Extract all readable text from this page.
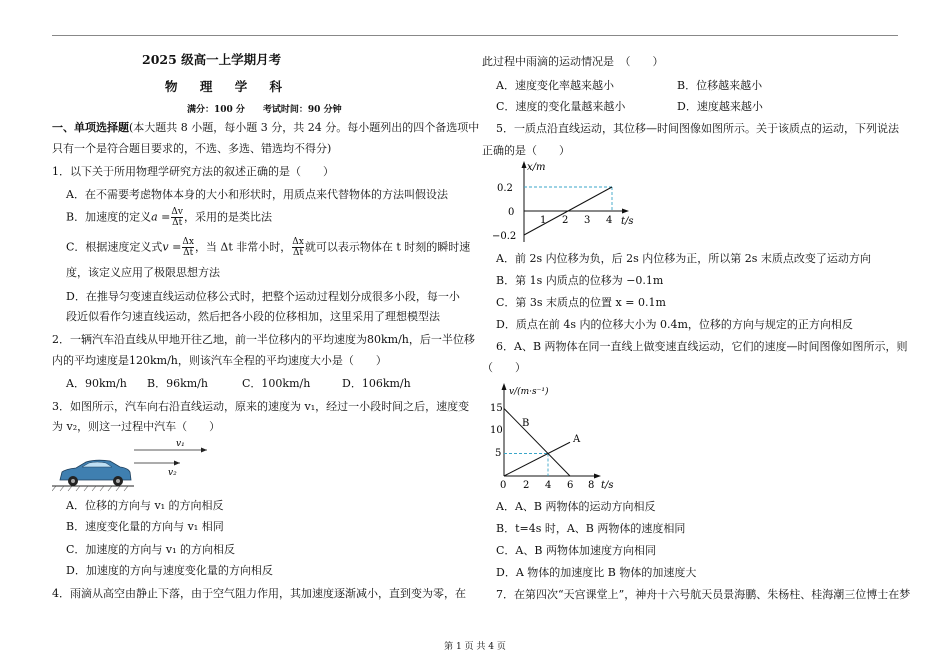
2025 级高一上学期月考
物 理 学 科
满分：100 分　　考试时间：90 分钟
一、单项选择题(本大题共 8 小题，每小题 3 分，共 24 分。每小题列出的四个备选项中
只有一个是符合题目要求的，不选、多选、错选均不得分)
1．以下关于所用物理学研究方法的叙述正确的是（　　）
A．在不需要考虑物体本身的大小和形状时，用质点来代替物体的方法叫假设法
B．加速度的定义$a = \frac{\Delta v}{\Delta t}$ ，采用的是类比法
C．根据速度定义式$v = \frac{\Delta x}{\Delta t}$ ，当 Δt 非常小时， $\frac{\Delta x}{\Delta t}$ 就可以表示物体在 t 时刻的瞬时速
度，该定义应用了极限思想方法
D．在推导匀变速直线运动位移公式时，把整个运动过程划分成很多小段，每一小
段近似看作匀速直线运动，然后把各小段的位移相加，这里采用了理想模型法
2．一辆汽车沿直线从甲地开往乙地，前一半位移内的平均速度为80km/h，后一半位移
内的平均速度是120km/h，则该汽车全程的平均速度大小是（　　）
A．90km/h B．96km/h	C．100km/h	D．106km/h
3．如图所示，汽车向右沿直线运动，原来的速度为 v₁，经过一小段时间之后，速度变
为 v₂，则这一过程中汽车（　　）
v₁
v₂
A．位移的方向与 v₁ 的方向相反
B．速度变化量的方向与 v₁ 相同
C．加速度的方向与 v₁ 的方向相反
D．加速度的方向与速度变化量的方向相反
4．雨滴从高空由静止下落，由于空气阻力作用，其加速度逐渐减小，直到变为零，在
此过程中雨滴的运动情况是　（　　）
A．速度变化率越来越小	B．位移越来越小
C．速度的变化量越来越小	D．速度越来越小
5．一质点沿直线运动，其位移—时间图像如图所示。关于该质点的运动，下列说法
正确的是（　　）
x/m
t/s
0.2
0
−0.2
1 2 3 4
A．前 2s 内位移为负，后 2s 内位移为正，所以第 2s 末质点改变了运动方向
B．第 1s 内质点的位移为 −0.1m
C．第 3s 末质点的位置 x = 0.1m
D．质点在前 4s 内的位移大小为 0.4m，位移的方向与规定的正方向相反
6．A、B 两物体在同一直线上做变速直线运动，它们的速度—时间图像如图所示，则
（　　）
v/(m·s⁻¹)
t/s
15
10
5
0 2 4 6 8
A
B
A．A、B 两物体的运动方向相反
B．t=4s 时，A、B 两物体的速度相同
C．A、B 两物体加速度方向相同
D．A 物体的加速度比 B 物体的加速度大
7．在第四次“天宫课堂上”，神舟十六号航天员景海鹏、朱杨柱、桂海潮三位博士在梦
第 1 页 共 4 页
